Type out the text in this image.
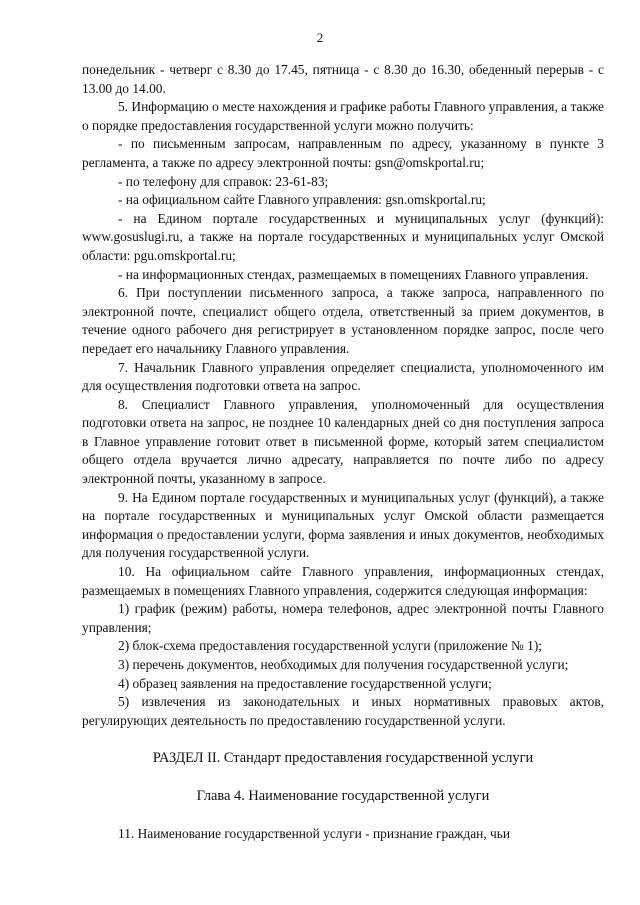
2

понедельник - четверг с 8.30 до 17.45, пятница - с 8.30 до 16.30, обеденный перерыв - с 13.00 до 14.00.

5. Информацию о месте нахождения и графике работы Главного управления, а также о порядке предоставления государственной услуги можно получить:

- по письменным запросам, направленным по адресу, указанному в пункте 3 регламента, а также по адресу электронной почты: gsn@omskportal.ru;

- по телефону для справок: 23-61-83;

- на официальном сайте Главного управления: gsn.omskportal.ru;

- на Едином портале государственных и муниципальных услуг (функций): www.gosuslugi.ru, а также на портале государственных и муниципальных услуг Омской области: pgu.omskportal.ru;

- на информационных стендах, размещаемых в помещениях Главного управления.

6. При поступлении письменного запроса, а также запроса, направленного по электронной почте, специалист общего отдела, ответственный за прием документов, в течение одного рабочего дня регистрирует в установленном порядке запрос, после чего передает его начальнику Главного управления.

7. Начальник Главного управления определяет специалиста, уполномоченного им для осуществления подготовки ответа на запрос.

8. Специалист Главного управления, уполномоченный для осуществления подготовки ответа на запрос, не позднее 10 календарных дней со дня поступления запроса в Главное управление готовит ответ в письменной форме, который затем специалистом общего отдела вручается лично адресату, направляется по почте либо по адресу электронной почты, указанному в запросе.

9. На Едином портале государственных и муниципальных услуг (функций), а также на портале государственных и муниципальных услуг Омской области размещается информация о предоставлении услуги, форма заявления и иных документов, необходимых для получения государственной услуги.

10. На официальном сайте Главного управления, информационных стендах, размещаемых в помещениях Главного управления, содержится следующая информация:

1) график (режим) работы, номера телефонов, адрес электронной почты Главного управления;

2) блок-схема предоставления государственной услуги (приложение № 1);

3) перечень документов, необходимых для получения государственной услуги;

4) образец заявления на предоставление государственной услуги;

5) извлечения из законодательных и иных нормативных правовых актов, регулирующих деятельность по предоставлению государственной услуги.

РАЗДЕЛ II. Стандарт предоставления государственной услуги

Глава 4. Наименование государственной услуги

11. Наименование государственной услуги - признание граждан, чьи
